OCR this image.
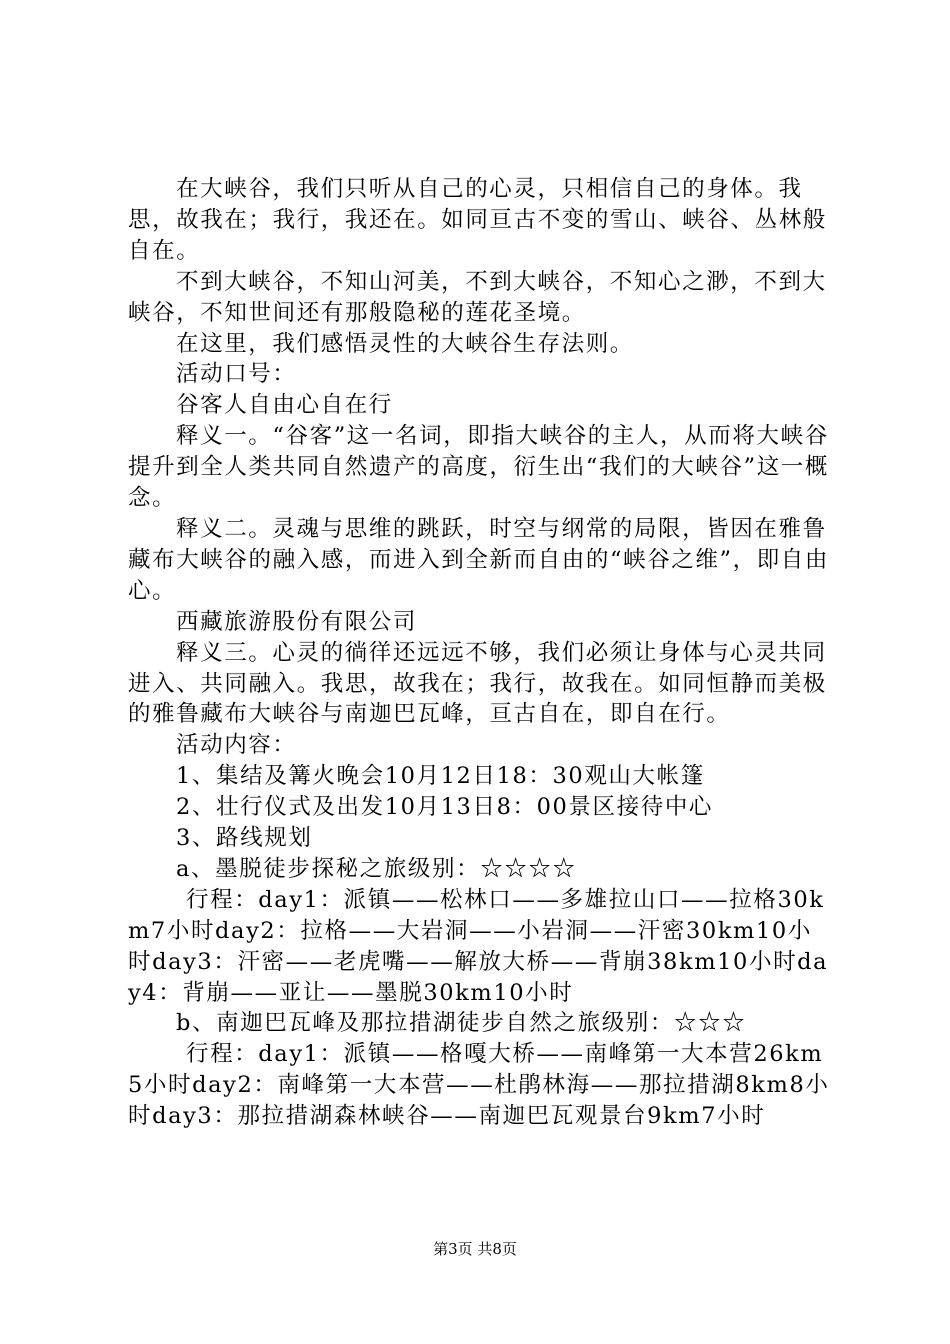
在大峡谷，我们只听从自己的心灵，只相信自己的身体。我思，故我在；我行，我还在。如同亘古不变的雪山、峡谷、丛林般自在。

不到大峡谷，不知山河美，不到大峡谷，不知心之渺，不到大峡谷，不知世间还有那般隐秘的莲花圣境。

在这里，我们感悟灵性的大峡谷生存法则。

活动口号：

谷客人自由心自在行

释义一。“谷客”这一名词，即指大峡谷的主人，从而将大峡谷提升到全人类共同自然遗产的高度，衍生出“我们的大峡谷”这一概念。

释义二。灵魂与思维的跳跃，时空与纲常的局限，皆因在雅鲁藏布大峡谷的融入感，而进入到全新而自由的“峡谷之维”，即自由心。

西藏旅游股份有限公司

释义三。心灵的徜徉还远远不够，我们必须让身体与心灵共同进入、共同融入。我思，故我在；我行，故我在。如同恒静而美极的雅鲁藏布大峡谷与南迦巴瓦峰，亘古自在，即自在行。

活动内容：

1、集结及篝火晚会10月12日18：30观山大帐篷

2、壮行仪式及出发10月13日8：00景区接待中心

3、路线规划

a、墨脱徒步探秘之旅级别：☆☆☆☆

行程：day1：派镇——松林口——多雄拉山口——拉格30km7小时day2：拉格——大岩洞——小岩洞——汗密30km10小时day3：汗密——老虎嘴——解放大桥——背崩38km10小时day4：背崩——亚让——墨脱30km10小时

b、南迦巴瓦峰及那拉措湖徒步自然之旅级别：☆☆☆

行程：day1：派镇——格嘎大桥——南峰第一大本营26km5小时day2：南峰第一大本营——杜鹃林海——那拉措湖8km8小时day3：那拉措湖森林峡谷——南迦巴瓦观景台9km7小时

第3页 共8页
